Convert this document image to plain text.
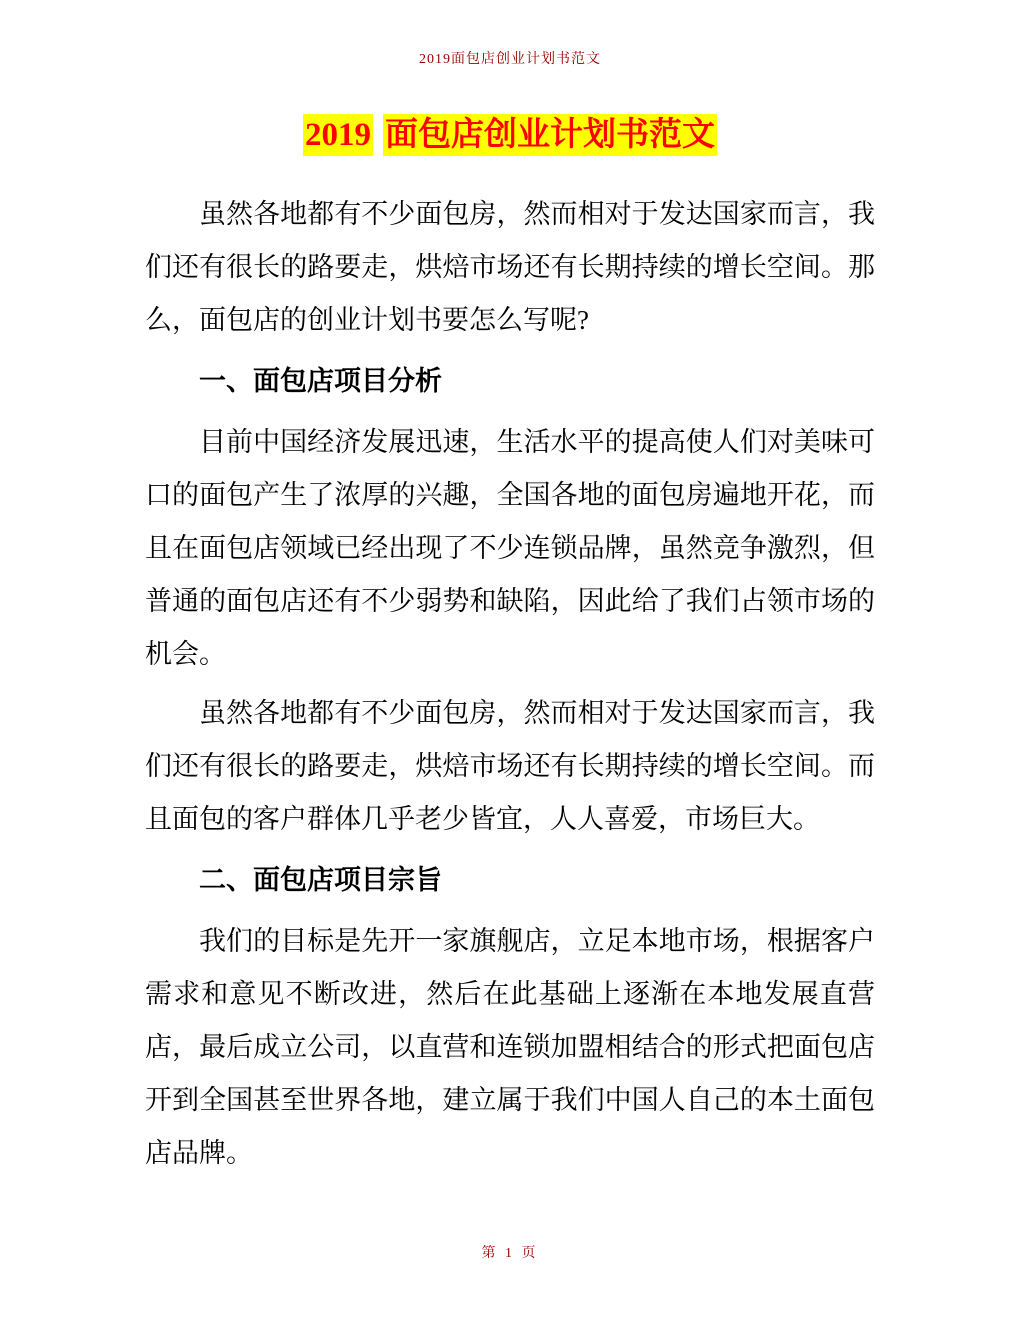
2019面包店创业计划书范文
2019 面包店创业计划书范文

虽然各地都有不少面包房，然而相对于发达国家而言，我们还有很长的路要走，烘焙市场还有长期持续的增长空间。那么，面包店的创业计划书要怎么写呢?

一、面包店项目分析

目前中国经济发展迅速，生活水平的提高使人们对美味可口的面包产生了浓厚的兴趣，全国各地的面包房遍地开花，而且在面包店领域已经出现了不少连锁品牌，虽然竞争激烈，但普通的面包店还有不少弱势和缺陷，因此给了我们占领市场的机会。

虽然各地都有不少面包房，然而相对于发达国家而言，我们还有很长的路要走，烘焙市场还有长期持续的增长空间。而且面包的客户群体几乎老少皆宜，人人喜爱，市场巨大。

二、面包店项目宗旨

我们的目标是先开一家旗舰店，立足本地市场，根据客户需求和意见不断改进，然后在此基础上逐渐在本地发展直营店，最后成立公司，以直营和连锁加盟相结合的形式把面包店开到全国甚至世界各地，建立属于我们中国人自己的本土面包店品牌。

第 1 页
